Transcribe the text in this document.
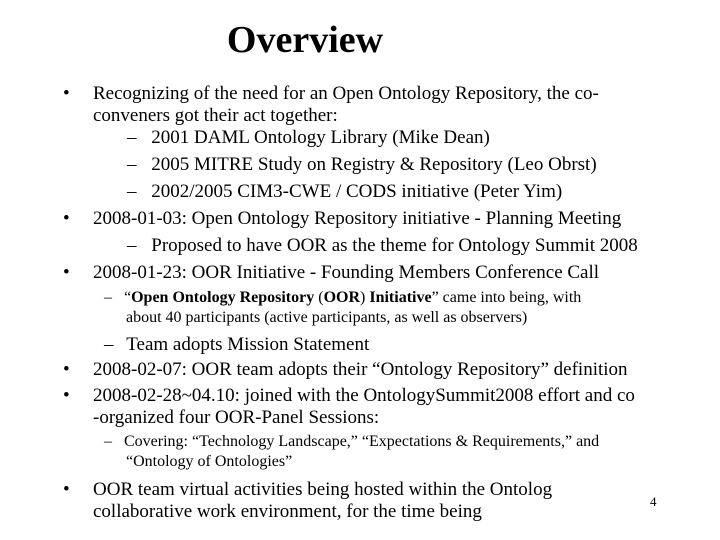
Overview
•	Recognizing of the need for an Open Ontology Repository, the co-
conveners got their act together:
– 2001 DAML Ontology Library (Mike Dean)
– 2005 MITRE Study on Registry & Repository (Leo Obrst)
– 2002/2005 CIM3-CWE / CODS initiative (Peter Yim)
•	2008-01-03: Open Ontology Repository initiative - Planning Meeting
– Proposed to have OOR as the theme for Ontology Summit 2008
•	2008-01-23: OOR Initiative - Founding Members Conference Call
– “Open Ontology Repository (OOR) Initiative” came into being, with
about 40 participants (active participants, as well as observers)
– Team adopts Mission Statement
•	2008-02-07: OOR team adopts their “Ontology Repository” definition
•	2008-02-28~04.10: joined with the OntologySummit2008 effort and co
-organized four OOR-Panel Sessions:
– Covering: “Technology Landscape,” “Expectations & Requirements,” and
“Ontology of Ontologies”
•	OOR team virtual activities being hosted within the Ontolog
collaborative work environment, for the time being	4
